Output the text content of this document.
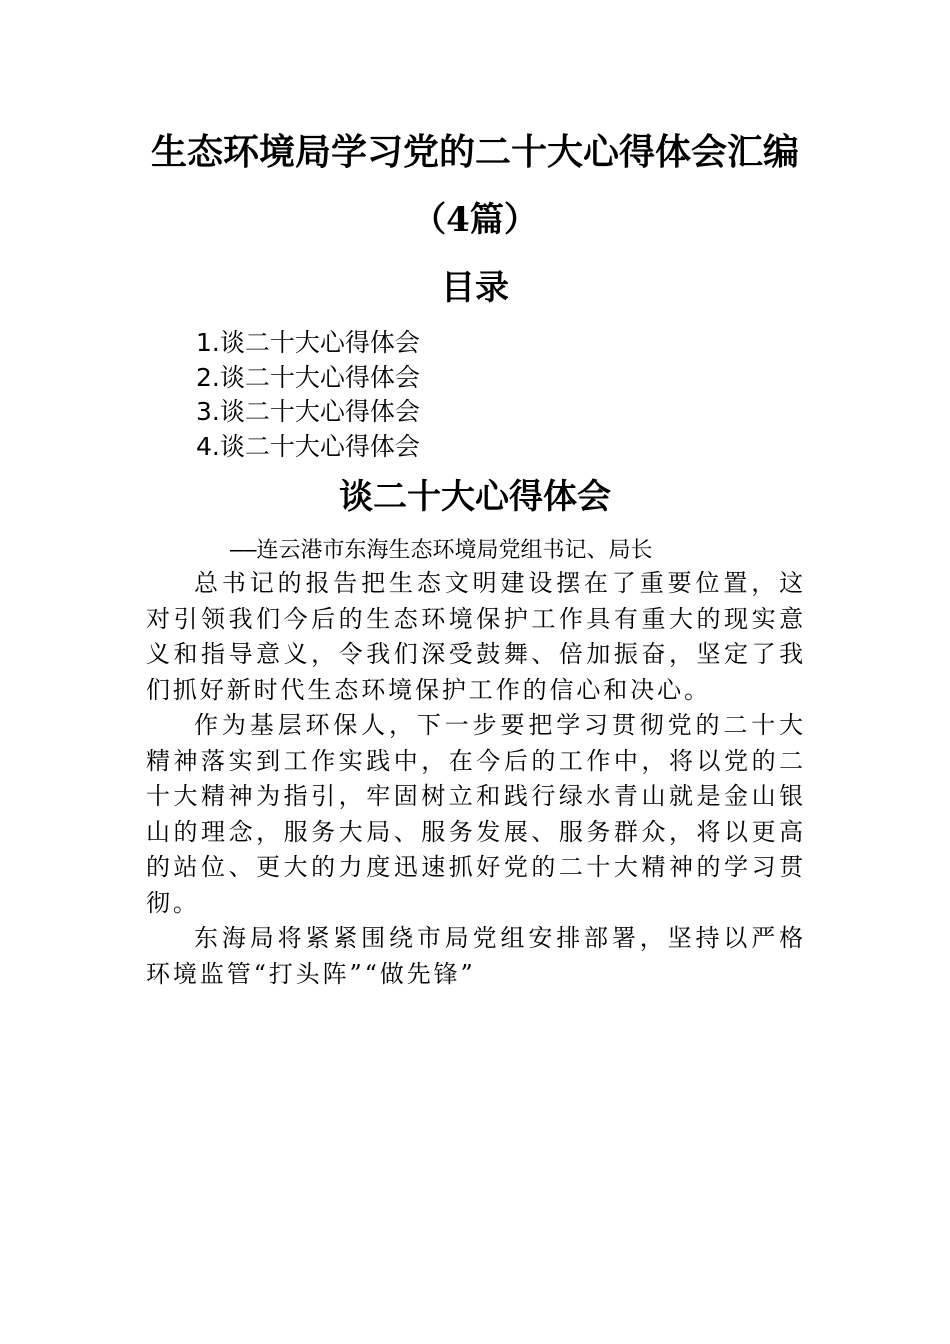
生态环境局学习党的二十大心得体会汇编
（4篇）
目录
1.谈二十大心得体会
2.谈二十大心得体会
3.谈二十大心得体会
4.谈二十大心得体会
谈二十大心得体会
——连云港市东海生态环境局党组书记、局长

总书记的报告把生态文明建设摆在了重要位置，这对引领我们今后的生态环境保护工作具有重大的现实意义和指导意义，令我们深受鼓舞、倍加振奋，坚定了我们抓好新时代生态环境保护工作的信心和决心。

作为基层环保人，下一步要把学习贯彻党的二十大精神落实到工作实践中，在今后的工作中，将以党的二十大精神为指引，牢固树立和践行绿水青山就是金山银山的理念，服务大局、服务发展、服务群众，将以更高的站位、更大的力度迅速抓好党的二十大精神的学习贯彻。

东海局将紧紧围绕市局党组安排部署，坚持以严格环境监管“打头阵”“做先锋”
